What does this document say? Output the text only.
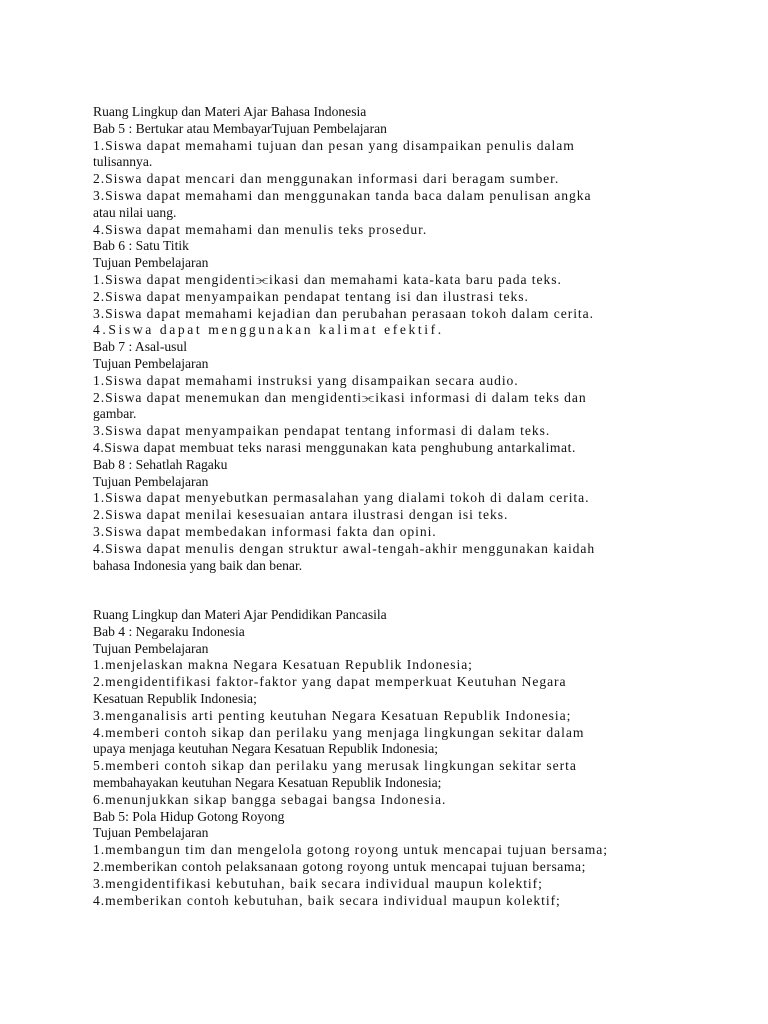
Ruang Lingkup dan Materi Ajar Bahasa Indonesia
Bab 5 : Bertukar atau MembayarTujuan Pembelajaran
1.Siswa dapat memahami tujuan dan pesan yang disampaikan penulis dalam
tulisannya.
2.Siswa dapat mencari dan menggunakan informasi dari beragam sumber.
3.Siswa dapat memahami dan menggunakan tanda baca dalam penulisan angka
atau nilai uang.
4.Siswa dapat memahami dan menulis teks prosedur.
Bab 6 : Satu Titik
Tujuan Pembelajaran
1.Siswa dapat mengidenti⫘ikasi dan memahami kata-kata baru pada teks.
2.Siswa dapat menyampaikan pendapat tentang isi dan ilustrasi teks.
3.Siswa dapat memahami kejadian dan perubahan perasaan tokoh dalam cerita.
4.Siswa dapat menggunakan kalimat efektif.
Bab 7 : Asal-usul
Tujuan Pembelajaran
1.Siswa dapat memahami instruksi yang disampaikan secara audio.
2.Siswa dapat menemukan dan mengidenti⫘ikasi informasi di dalam teks dan
gambar.
3.Siswa dapat menyampaikan pendapat tentang informasi di dalam teks.
4.Siswa dapat membuat teks narasi menggunakan kata penghubung antarkalimat.
Bab 8 : Sehatlah Ragaku
Tujuan Pembelajaran
1.Siswa dapat menyebutkan permasalahan yang dialami tokoh di dalam cerita.
2.Siswa dapat menilai kesesuaian antara ilustrasi dengan isi teks.
3.Siswa dapat membedakan informasi fakta dan opini.
4.Siswa dapat menulis dengan struktur awal-tengah-akhir menggunakan kaidah
bahasa Indonesia yang baik dan benar.
Ruang Lingkup dan Materi Ajar Pendidikan Pancasila
Bab 4 : Negaraku Indonesia
Tujuan Pembelajaran
1.menjelaskan makna Negara Kesatuan Republik Indonesia;
2.mengidentifikasi faktor-faktor yang dapat memperkuat Keutuhan Negara
Kesatuan Republik Indonesia;
3.menganalisis arti penting keutuhan Negara Kesatuan Republik Indonesia;
4.memberi contoh sikap dan perilaku yang menjaga lingkungan sekitar dalam
upaya menjaga keutuhan Negara Kesatuan Republik Indonesia;
5.memberi contoh sikap dan perilaku yang merusak lingkungan sekitar serta
membahayakan keutuhan Negara Kesatuan Republik Indonesia;
6.menunjukkan sikap bangga sebagai bangsa Indonesia.
Bab 5: Pola Hidup Gotong Royong
Tujuan Pembelajaran
1.membangun tim dan mengelola gotong royong untuk mencapai tujuan bersama;
2.memberikan contoh pelaksanaan gotong royong untuk mencapai tujuan bersama;
3.mengidentifikasi kebutuhan, baik secara individual maupun kolektif;
4.memberikan contoh kebutuhan, baik secara individual maupun kolektif;
